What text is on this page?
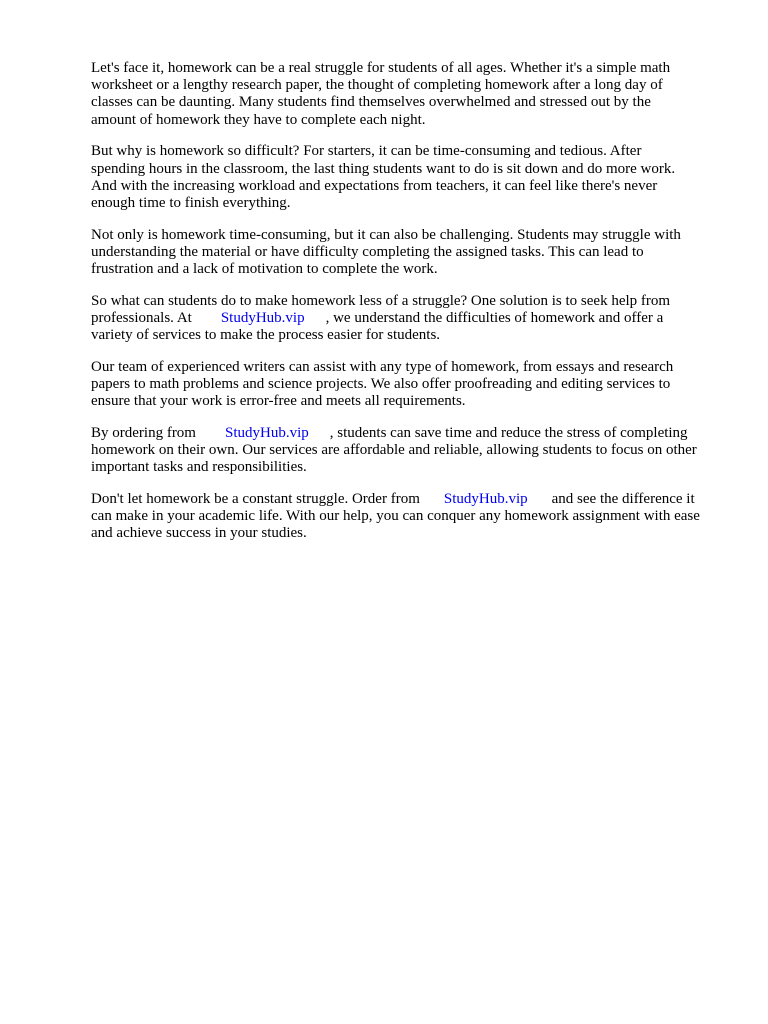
Let's face it, homework can be a real struggle for students of all ages. Whether it's a simple math
worksheet or a lengthy research paper, the thought of completing homework after a long day of
classes can be daunting. Many students find themselves overwhelmed and stressed out by the
amount of homework they have to complete each night.

But why is homework so difficult? For starters, it can be time-consuming and tedious. After
spending hours in the classroom, the last thing students want to do is sit down and do more work.
And with the increasing workload and expectations from teachers, it can feel like there's never
enough time to finish everything.

Not only is homework time-consuming, but it can also be challenging. Students may struggle with
understanding the material or have difficulty completing the assigned tasks. This can lead to
frustration and a lack of motivation to complete the work.

So what can students do to make homework less of a struggle? One solution is to seek help from
professionals. At StudyHub.vip , we understand the difficulties of homework and offer a
variety of services to make the process easier for students.

Our team of experienced writers can assist with any type of homework, from essays and research
papers to math problems and science projects. We also offer proofreading and editing services to
ensure that your work is error-free and meets all requirements.

By ordering from StudyHub.vip , students can save time and reduce the stress of completing
homework on their own. Our services are affordable and reliable, allowing students to focus on other
important tasks and responsibilities.

Don't let homework be a constant struggle. Order from StudyHub.vip and see the difference it
can make in your academic life. With our help, you can conquer any homework assignment with ease
and achieve success in your studies.
